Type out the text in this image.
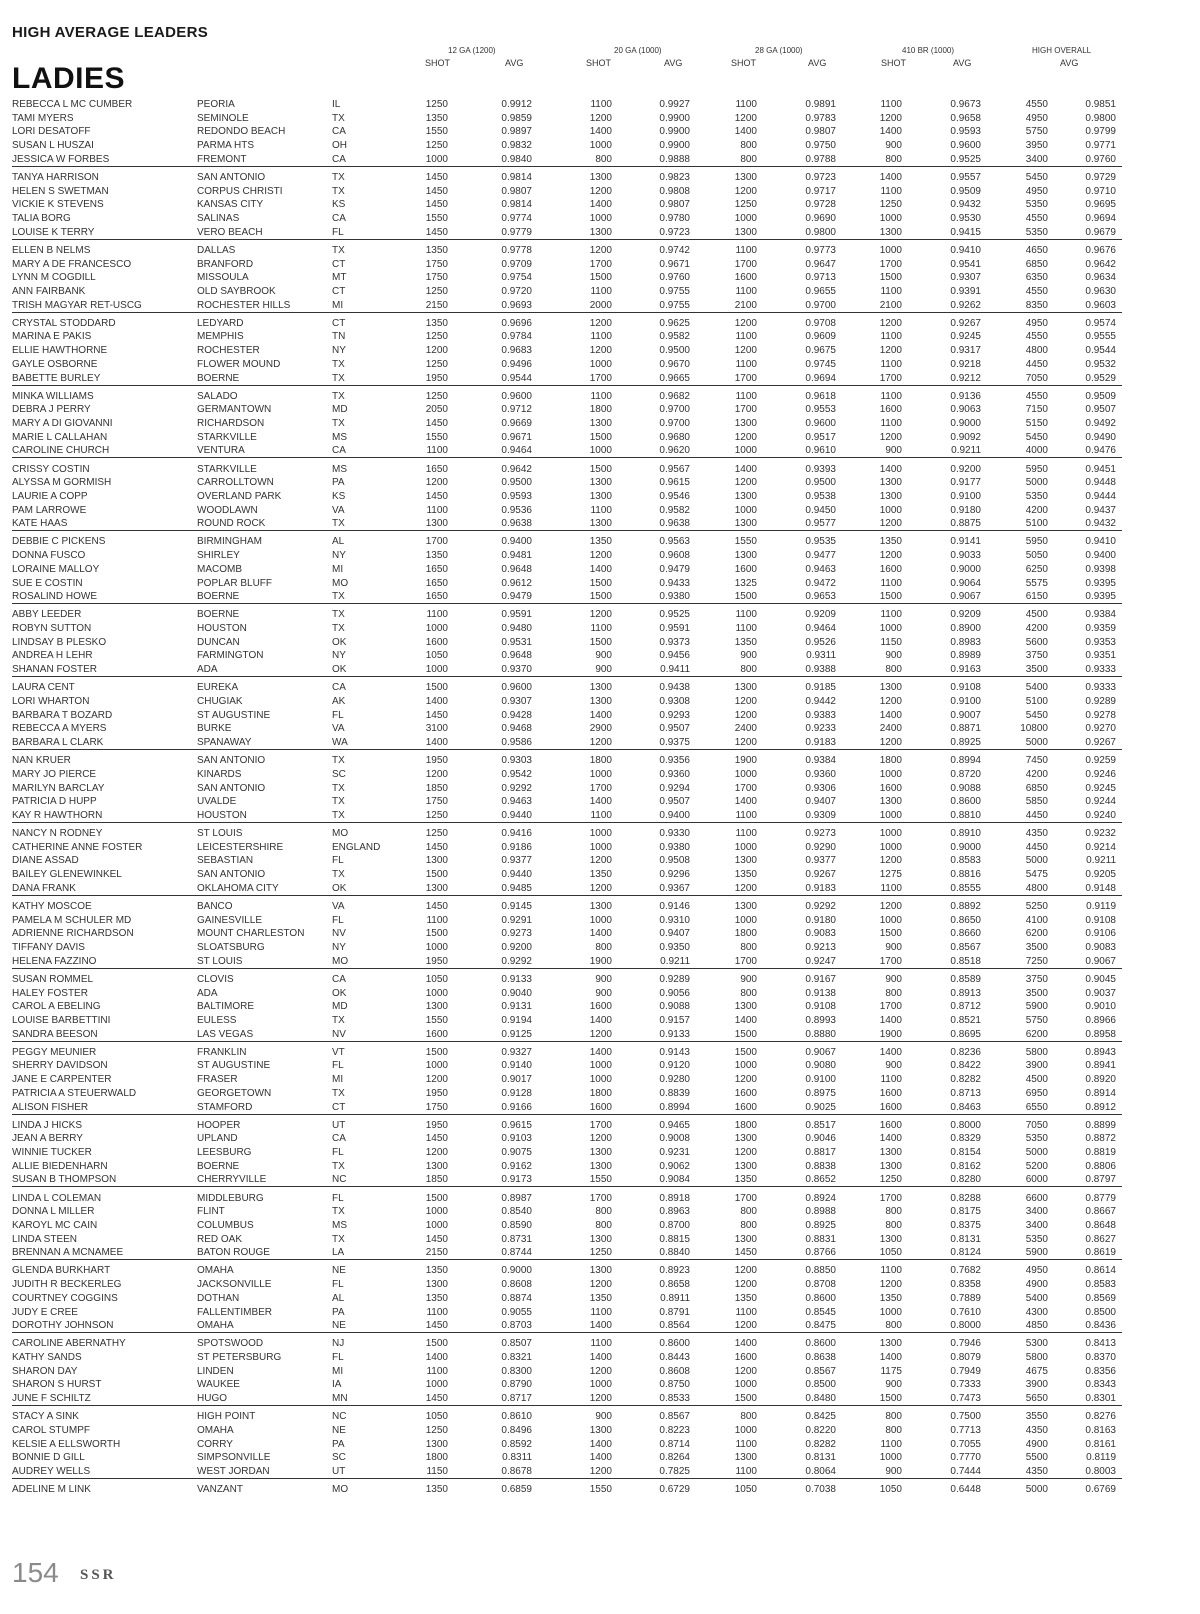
HIGH AVERAGE LEADERS
LADIES
12 GA (1200)
SHOT	AVG
20 GA (1000)
SHOT	AVG
28 GA (1000)
SHOT	AVG
410 BR (1000)
SHOT	AVG
HIGH OVERALL
AVG
REBECCA L MC CUMBER	PEORIA	IL	1250	0.9912	1100	0.9927	1100	0.9891	1100	0.9673	4550	0.9851
TAMI MYERS	SEMINOLE	TX	1350	0.9859	1200	0.9900	1200	0.9783	1200	0.9658	4950	0.9800
LORI DESATOFF	REDONDO BEACH	CA	1550	0.9897	1400	0.9900	1400	0.9807	1400	0.9593	5750	0.9799
SUSAN L HUSZAI	PARMA HTS	OH	1250	0.9832	1000	0.9900	800	0.9750	900	0.9600	3950	0.9771
JESSICA W FORBES	FREMONT	CA	1000	0.9840	800	0.9888	800	0.9788	800	0.9525	3400	0.9760
TANYA HARRISON	SAN ANTONIO	TX	1450	0.9814	1300	0.9823	1300	0.9723	1400	0.9557	5450	0.9729
HELEN S SWETMAN	CORPUS CHRISTI	TX	1450	0.9807	1200	0.9808	1200	0.9717	1100	0.9509	4950	0.9710
VICKIE K STEVENS	KANSAS CITY	KS	1450	0.9814	1400	0.9807	1250	0.9728	1250	0.9432	5350	0.9695
TALIA BORG	SALINAS	CA	1550	0.9774	1000	0.9780	1000	0.9690	1000	0.9530	4550	0.9694
LOUISE K TERRY	VERO BEACH	FL	1450	0.9779	1300	0.9723	1300	0.9800	1300	0.9415	5350	0.9679
ELLEN B NELMS	DALLAS	TX	1350	0.9778	1200	0.9742	1100	0.9773	1000	0.9410	4650	0.9676
MARY A DE FRANCESCO	BRANFORD	CT	1750	0.9709	1700	0.9671	1700	0.9647	1700	0.9541	6850	0.9642
LYNN M COGDILL	MISSOULA	MT	1750	0.9754	1500	0.9760	1600	0.9713	1500	0.9307	6350	0.9634
ANN FAIRBANK	OLD SAYBROOK	CT	1250	0.9720	1100	0.9755	1100	0.9655	1100	0.9391	4550	0.9630
TRISH MAGYAR RET-USCG	ROCHESTER HILLS	MI	2150	0.9693	2000	0.9755	2100	0.9700	2100	0.9262	8350	0.9603
CRYSTAL STODDARD	LEDYARD	CT	1350	0.9696	1200	0.9625	1200	0.9708	1200	0.9267	4950	0.9574
MARINA E PAKIS	MEMPHIS	TN	1250	0.9784	1100	0.9582	1100	0.9609	1100	0.9245	4550	0.9555
ELLIE HAWTHORNE	ROCHESTER	NY	1200	0.9683	1200	0.9500	1200	0.9675	1200	0.9317	4800	0.9544
GAYLE OSBORNE	FLOWER MOUND	TX	1250	0.9496	1000	0.9670	1100	0.9745	1100	0.9218	4450	0.9532
BABETTE BURLEY	BOERNE	TX	1950	0.9544	1700	0.9665	1700	0.9694	1700	0.9212	7050	0.9529
MINKA WILLIAMS	SALADO	TX	1250	0.9600	1100	0.9682	1100	0.9618	1100	0.9136	4550	0.9509
DEBRA J PERRY	GERMANTOWN	MD	2050	0.9712	1800	0.9700	1700	0.9553	1600	0.9063	7150	0.9507
MARY A DI GIOVANNI	RICHARDSON	TX	1450	0.9669	1300	0.9700	1300	0.9600	1100	0.9000	5150	0.9492
MARIE L CALLAHAN	STARKVILLE	MS	1550	0.9671	1500	0.9680	1200	0.9517	1200	0.9092	5450	0.9490
CAROLINE CHURCH	VENTURA	CA	1100	0.9464	1000	0.9620	1000	0.9610	900	0.9211	4000	0.9476
CRISSY COSTIN	STARKVILLE	MS	1650	0.9642	1500	0.9567	1400	0.9393	1400	0.9200	5950	0.9451
ALYSSA M GORMISH	CARROLLTOWN	PA	1200	0.9500	1300	0.9615	1200	0.9500	1300	0.9177	5000	0.9448
LAURIE A COPP	OVERLAND PARK	KS	1450	0.9593	1300	0.9546	1300	0.9538	1300	0.9100	5350	0.9444
PAM LARROWE	WOODLAWN	VA	1100	0.9536	1100	0.9582	1000	0.9450	1000	0.9180	4200	0.9437
KATE HAAS	ROUND ROCK	TX	1300	0.9638	1300	0.9638	1300	0.9577	1200	0.8875	5100	0.9432
DEBBIE C PICKENS	BIRMINGHAM	AL	1700	0.9400	1350	0.9563	1550	0.9535	1350	0.9141	5950	0.9410
DONNA FUSCO	SHIRLEY	NY	1350	0.9481	1200	0.9608	1300	0.9477	1200	0.9033	5050	0.9400
LORAINE MALLOY	MACOMB	MI	1650	0.9648	1400	0.9479	1600	0.9463	1600	0.9000	6250	0.9398
SUE E COSTIN	POPLAR BLUFF	MO	1650	0.9612	1500	0.9433	1325	0.9472	1100	0.9064	5575	0.9395
ROSALIND HOWE	BOERNE	TX	1650	0.9479	1500	0.9380	1500	0.9653	1500	0.9067	6150	0.9395
ABBY LEEDER	BOERNE	TX	1100	0.9591	1200	0.9525	1100	0.9209	1100	0.9209	4500	0.9384
ROBYN SUTTON	HOUSTON	TX	1000	0.9480	1100	0.9591	1100	0.9464	1000	0.8900	4200	0.9359
LINDSAY B PLESKO	DUNCAN	OK	1600	0.9531	1500	0.9373	1350	0.9526	1150	0.8983	5600	0.9353
ANDREA H LEHR	FARMINGTON	NY	1050	0.9648	900	0.9456	900	0.9311	900	0.8989	3750	0.9351
SHANAN FOSTER	ADA	OK	1000	0.9370	900	0.9411	800	0.9388	800	0.9163	3500	0.9333
LAURA CENT	EUREKA	CA	1500	0.9600	1300	0.9438	1300	0.9185	1300	0.9108	5400	0.9333
LORI WHARTON	CHUGIAK	AK	1400	0.9307	1300	0.9308	1200	0.9442	1200	0.9100	5100	0.9289
BARBARA T BOZARD	ST AUGUSTINE	FL	1450	0.9428	1400	0.9293	1200	0.9383	1400	0.9007	5450	0.9278
REBECCA A MYERS	BURKE	VA	3100	0.9468	2900	0.9507	2400	0.9233	2400	0.8871	10800	0.9270
BARBARA L CLARK	SPANAWAY	WA	1400	0.9586	1200	0.9375	1200	0.9183	1200	0.8925	5000	0.9267
NAN KRUER	SAN ANTONIO	TX	1950	0.9303	1800	0.9356	1900	0.9384	1800	0.8994	7450	0.9259
MARY JO PIERCE	KINARDS	SC	1200	0.9542	1000	0.9360	1000	0.9360	1000	0.8720	4200	0.9246
MARILYN BARCLAY	SAN ANTONIO	TX	1850	0.9292	1700	0.9294	1700	0.9306	1600	0.9088	6850	0.9245
PATRICIA D HUPP	UVALDE	TX	1750	0.9463	1400	0.9507	1400	0.9407	1300	0.8600	5850	0.9244
KAY R HAWTHORN	HOUSTON	TX	1250	0.9440	1100	0.9400	1100	0.9309	1000	0.8810	4450	0.9240
NANCY N RODNEY	ST LOUIS	MO	1250	0.9416	1000	0.9330	1100	0.9273	1000	0.8910	4350	0.9232
CATHERINE ANNE FOSTER	LEICESTERSHIRE	ENGLAND	1450	0.9186	1000	0.9380	1000	0.9290	1000	0.9000	4450	0.9214
DIANE ASSAD	SEBASTIAN	FL	1300	0.9377	1200	0.9508	1300	0.9377	1200	0.8583	5000	0.9211
BAILEY GLENEWINKEL	SAN ANTONIO	TX	1500	0.9440	1350	0.9296	1350	0.9267	1275	0.8816	5475	0.9205
DANA FRANK	OKLAHOMA CITY	OK	1300	0.9485	1200	0.9367	1200	0.9183	1100	0.8555	4800	0.9148
KATHY MOSCOE	BANCO	VA	1450	0.9145	1300	0.9146	1300	0.9292	1200	0.8892	5250	0.9119
PAMELA M SCHULER MD	GAINESVILLE	FL	1100	0.9291	1000	0.9310	1000	0.9180	1000	0.8650	4100	0.9108
ADRIENNE RICHARDSON	MOUNT CHARLESTON	NV	1500	0.9273	1400	0.9407	1800	0.9083	1500	0.8660	6200	0.9106
TIFFANY DAVIS	SLOATSBURG	NY	1000	0.9200	800	0.9350	800	0.9213	900	0.8567	3500	0.9083
HELENA FAZZINO	ST LOUIS	MO	1950	0.9292	1900	0.9211	1700	0.9247	1700	0.8518	7250	0.9067
SUSAN ROMMEL	CLOVIS	CA	1050	0.9133	900	0.9289	900	0.9167	900	0.8589	3750	0.9045
HALEY FOSTER	ADA	OK	1000	0.9040	900	0.9056	800	0.9138	800	0.8913	3500	0.9037
CAROL A EBELING	BALTIMORE	MD	1300	0.9131	1600	0.9088	1300	0.9108	1700	0.8712	5900	0.9010
LOUISE BARBETTINI	EULESS	TX	1550	0.9194	1400	0.9157	1400	0.8993	1400	0.8521	5750	0.8966
SANDRA BEESON	LAS VEGAS	NV	1600	0.9125	1200	0.9133	1500	0.8880	1900	0.8695	6200	0.8958
PEGGY MEUNIER	FRANKLIN	VT	1500	0.9327	1400	0.9143	1500	0.9067	1400	0.8236	5800	0.8943
SHERRY DAVIDSON	ST AUGUSTINE	FL	1000	0.9140	1000	0.9120	1000	0.9080	900	0.8422	3900	0.8941
JANE E CARPENTER	FRASER	MI	1200	0.9017	1000	0.9280	1200	0.9100	1100	0.8282	4500	0.8920
PATRICIA A STEUERWALD	GEORGETOWN	TX	1950	0.9128	1800	0.8839	1600	0.8975	1600	0.8713	6950	0.8914
ALISON FISHER	STAMFORD	CT	1750	0.9166	1600	0.8994	1600	0.9025	1600	0.8463	6550	0.8912
LINDA J HICKS	HOOPER	UT	1950	0.9615	1700	0.9465	1800	0.8517	1600	0.8000	7050	0.8899
JEAN A BERRY	UPLAND	CA	1450	0.9103	1200	0.9008	1300	0.9046	1400	0.8329	5350	0.8872
WINNIE TUCKER	LEESBURG	FL	1200	0.9075	1300	0.9231	1200	0.8817	1300	0.8154	5000	0.8819
ALLIE BIEDENHARN	BOERNE	TX	1300	0.9162	1300	0.9062	1300	0.8838	1300	0.8162	5200	0.8806
SUSAN B THOMPSON	CHERRYVILLE	NC	1850	0.9173	1550	0.9084	1350	0.8652	1250	0.8280	6000	0.8797
LINDA L COLEMAN	MIDDLEBURG	FL	1500	0.8987	1700	0.8918	1700	0.8924	1700	0.8288	6600	0.8779
DONNA L MILLER	FLINT	TX	1000	0.8540	800	0.8963	800	0.8988	800	0.8175	3400	0.8667
KAROYL MC CAIN	COLUMBUS	MS	1000	0.8590	800	0.8700	800	0.8925	800	0.8375	3400	0.8648
LINDA STEEN	RED OAK	TX	1450	0.8731	1300	0.8815	1300	0.8831	1300	0.8131	5350	0.8627
BRENNAN A MCNAMEE	BATON ROUGE	LA	2150	0.8744	1250	0.8840	1450	0.8766	1050	0.8124	5900	0.8619
GLENDA BURKHART	OMAHA	NE	1350	0.9000	1300	0.8923	1200	0.8850	1100	0.7682	4950	0.8614
JUDITH R BECKERLEG	JACKSONVILLE	FL	1300	0.8608	1200	0.8658	1200	0.8708	1200	0.8358	4900	0.8583
COURTNEY COGGINS	DOTHAN	AL	1350	0.8874	1350	0.8911	1350	0.8600	1350	0.7889	5400	0.8569
JUDY E CREE	FALLENTIMBER	PA	1100	0.9055	1100	0.8791	1100	0.8545	1000	0.7610	4300	0.8500
DOROTHY JOHNSON	OMAHA	NE	1450	0.8703	1400	0.8564	1200	0.8475	800	0.8000	4850	0.8436
CAROLINE ABERNATHY	SPOTSWOOD	NJ	1500	0.8507	1100	0.8600	1400	0.8600	1300	0.7946	5300	0.8413
KATHY SANDS	ST PETERSBURG	FL	1400	0.8321	1400	0.8443	1600	0.8638	1400	0.8079	5800	0.8370
SHARON DAY	LINDEN	MI	1100	0.8300	1200	0.8608	1200	0.8567	1175	0.7949	4675	0.8356
SHARON S HURST	WAUKEE	IA	1000	0.8790	1000	0.8750	1000	0.8500	900	0.7333	3900	0.8343
JUNE F SCHILTZ	HUGO	MN	1450	0.8717	1200	0.8533	1500	0.8480	1500	0.7473	5650	0.8301
STACY A SINK	HIGH POINT	NC	1050	0.8610	900	0.8567	800	0.8425	800	0.7500	3550	0.8276
CAROL STUMPF	OMAHA	NE	1250	0.8496	1300	0.8223	1000	0.8220	800	0.7713	4350	0.8163
KELSIE A ELLSWORTH	CORRY	PA	1300	0.8592	1400	0.8714	1100	0.8282	1100	0.7055	4900	0.8161
BONNIE D GILL	SIMPSONVILLE	SC	1800	0.8311	1400	0.8264	1300	0.8131	1000	0.7770	5500	0.8119
AUDREY WELLS	WEST JORDAN	UT	1150	0.8678	1200	0.7825	1100	0.8064	900	0.7444	4350	0.8003
ADELINE M LINK	VANZANT	MO	1350	0.6859	1550	0.6729	1050	0.7038	1050	0.6448	5000	0.6769
154 SSR
